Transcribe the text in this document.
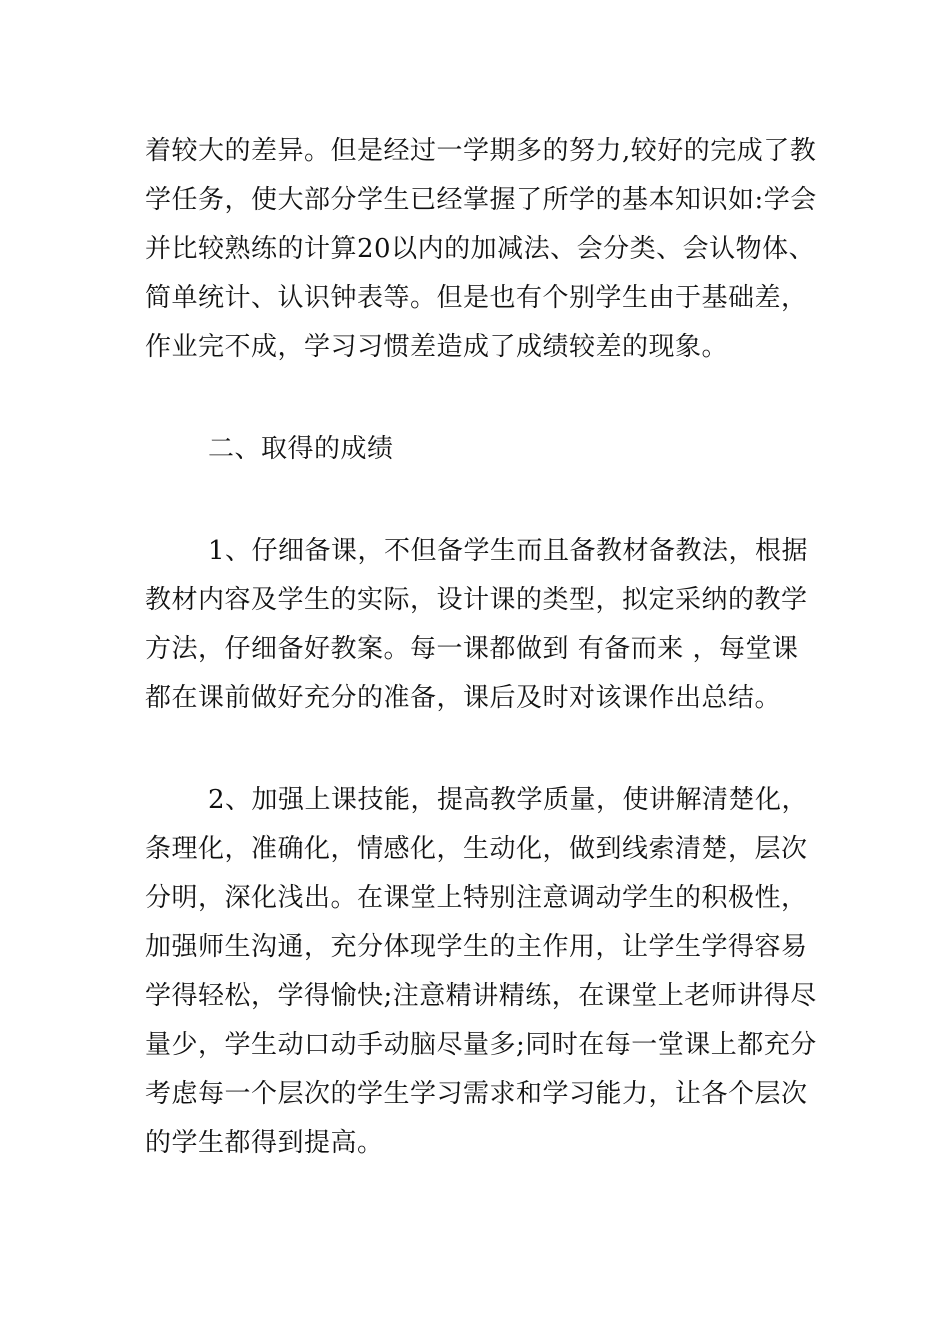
着较大的差异。但是经过一学期多的努力,较好的完成了教
学任务，使大部分学生已经掌握了所学的基本知识如:学会
并比较熟练的计算20以内的加减法、会分类、会认物体、
简单统计、认识钟表等。但是也有个别学生由于基础差，
作业完不成，学习习惯差造成了成绩较差的现象。
二、取得的成绩
1、仔细备课，不但备学生而且备教材备教法，根据
教材内容及学生的实际，设计课的类型，拟定采纳的教学
方法，仔细备好教案。每一课都做到 有备而来 ，每堂课
都在课前做好充分的准备，课后及时对该课作出总结。
2、加强上课技能，提高教学质量，使讲解清楚化，
条理化，准确化，情感化，生动化，做到线索清楚，层次
分明，深化浅出。在课堂上特别注意调动学生的积极性，
加强师生沟通，充分体现学生的主作用，让学生学得容易
学得轻松，学得愉快;注意精讲精练，在课堂上老师讲得尽
量少，学生动口动手动脑尽量多;同时在每一堂课上都充分
考虑每一个层次的学生学习需求和学习能力，让各个层次
的学生都得到提高。
